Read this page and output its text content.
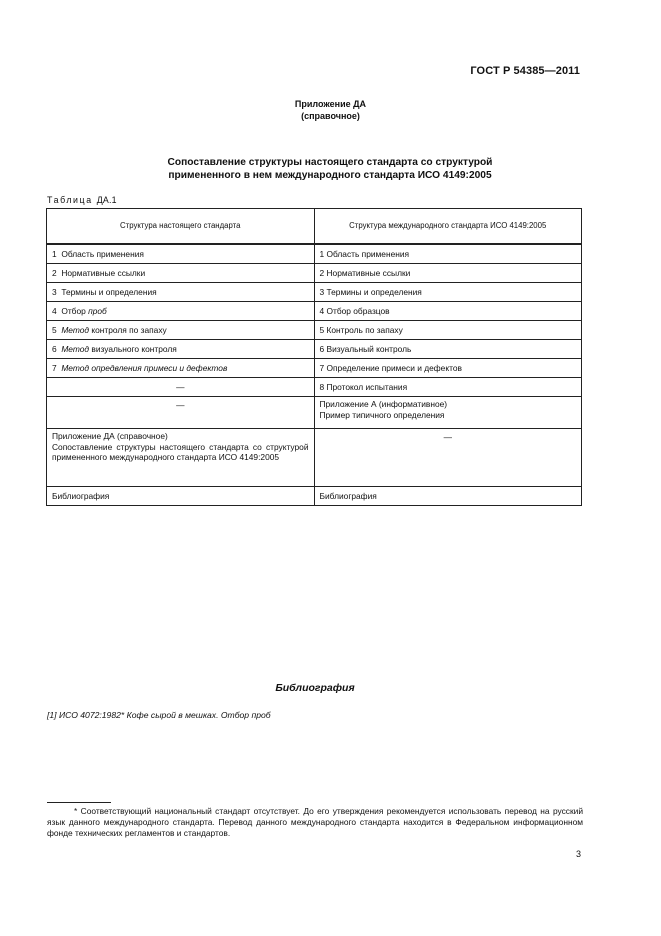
ГОСТ Р 54385—2011
Приложение ДА
(справочное)
Сопоставление структуры настоящего стандарта со структурой
примененного в нем международного стандарта ИСО 4149:2005
Таблица ДА.1
Структура настоящего стандарта	Структура международного стандарта ИСО 4149:2005
1 Область применения	1 Область применения
2 Нормативные ссылки	2 Нормативные ссылки
3 Термины и определения	3 Термины и определения
4 Отбор проб	4 Отбор образцов
5 Метод контроля по запаху	5 Контроль по запаху
6 Метод визуального контроля	6 Визуальный контроль
7 Метод опредвления примеси и дефектов	7 Определение примеси и дефектов
—	8 Протокол испытания
—	Приложение А (информативное)
Пример типичного определения

Приложение ДА (справочное)
Сопоставление структуры настоящего стандарта со структурой примененного международного стандарта ИСО 4149:2005	—
Библиография	Библиография
Библиография
[1] ИСО 4072:1982* Кофе сырой в мешках. Отбор проб
* Соответствующий национальный стандарт отсутствует. До его утверждения рекомендуется использовать перевод на русский язык данного международного стандарта. Перевод данного международного стандарта находится в Федеральном информационном фонде технических регламентов и стандартов.
3
